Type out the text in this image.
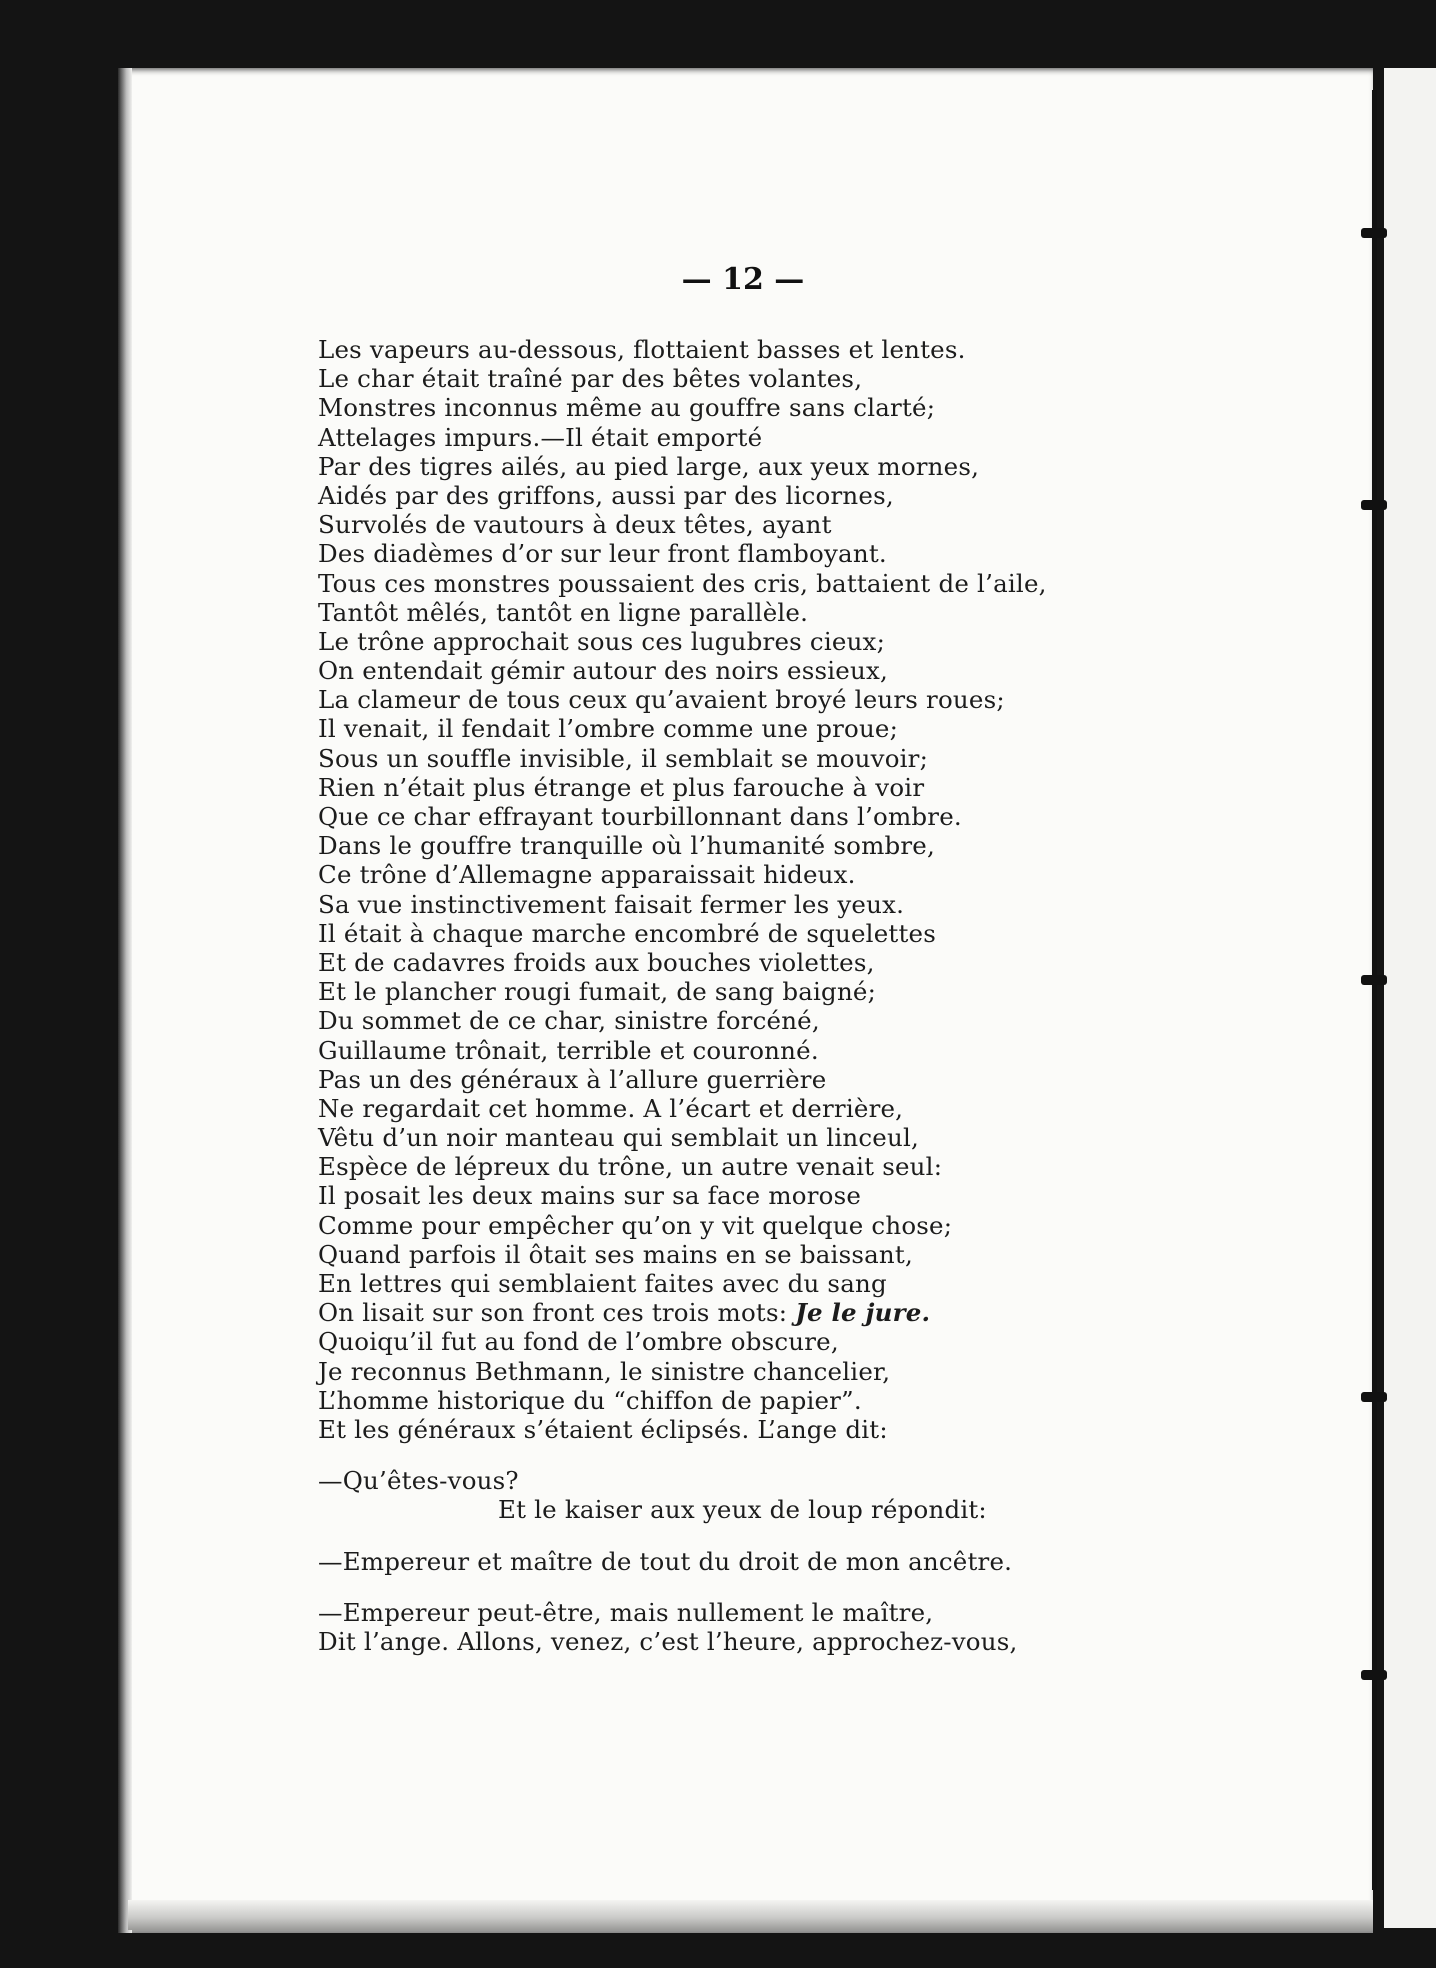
— 12 —
Les vapeurs au-dessous, flottaient basses et lentes.
Le char était traîné par des bêtes volantes,
Monstres inconnus même au gouffre sans clarté;
Attelages impurs.—Il était emporté
Par des tigres ailés, au pied large, aux yeux mornes,
Aidés par des griffons, aussi par des licornes,
Survolés de vautours à deux têtes, ayant
Des diadèmes d’or sur leur front flamboyant.
Tous ces monstres poussaient des cris, battaient de l’aile,
Tantôt mêlés, tantôt en ligne parallèle.
Le trône approchait sous ces lugubres cieux;
On entendait gémir autour des noirs essieux,
La clameur de tous ceux qu’avaient broyé leurs roues;
Il venait, il fendait l’ombre comme une proue;
Sous un souffle invisible, il semblait se mouvoir;
Rien n’était plus étrange et plus farouche à voir
Que ce char effrayant tourbillonnant dans l’ombre.
Dans le gouffre tranquille où l’humanité sombre,
Ce trône d’Allemagne apparaissait hideux.
Sa vue instinctivement faisait fermer les yeux.
Il était à chaque marche encombré de squelettes
Et de cadavres froids aux bouches violettes,
Et le plancher rougi fumait, de sang baigné;
Du sommet de ce char, sinistre forcéné,
Guillaume trônait, terrible et couronné.
Pas un des généraux à l’allure guerrière
Ne regardait cet homme. A l’écart et derrière,
Vêtu d’un noir manteau qui semblait un linceul,
Espèce de lépreux du trône, un autre venait seul:
Il posait les deux mains sur sa face morose
Comme pour empêcher qu’on y vit quelque chose;
Quand parfois il ôtait ses mains en se baissant,
En lettres qui semblaient faites avec du sang
On lisait sur son front ces trois mots: Je le jure.
Quoiqu’il fut au fond de l’ombre obscure,
Je reconnus Bethmann, le sinistre chancelier,
L’homme historique du “chiffon de papier”.
Et les généraux s’étaient éclipsés. L’ange dit:
—Qu’êtes-vous?
Et le kaiser aux yeux de loup répondit:
—Empereur et maître de tout du droit de mon ancêtre.
—Empereur peut-être, mais nullement le maître,
Dit l’ange. Allons, venez, c’est l’heure, approchez-vous,
